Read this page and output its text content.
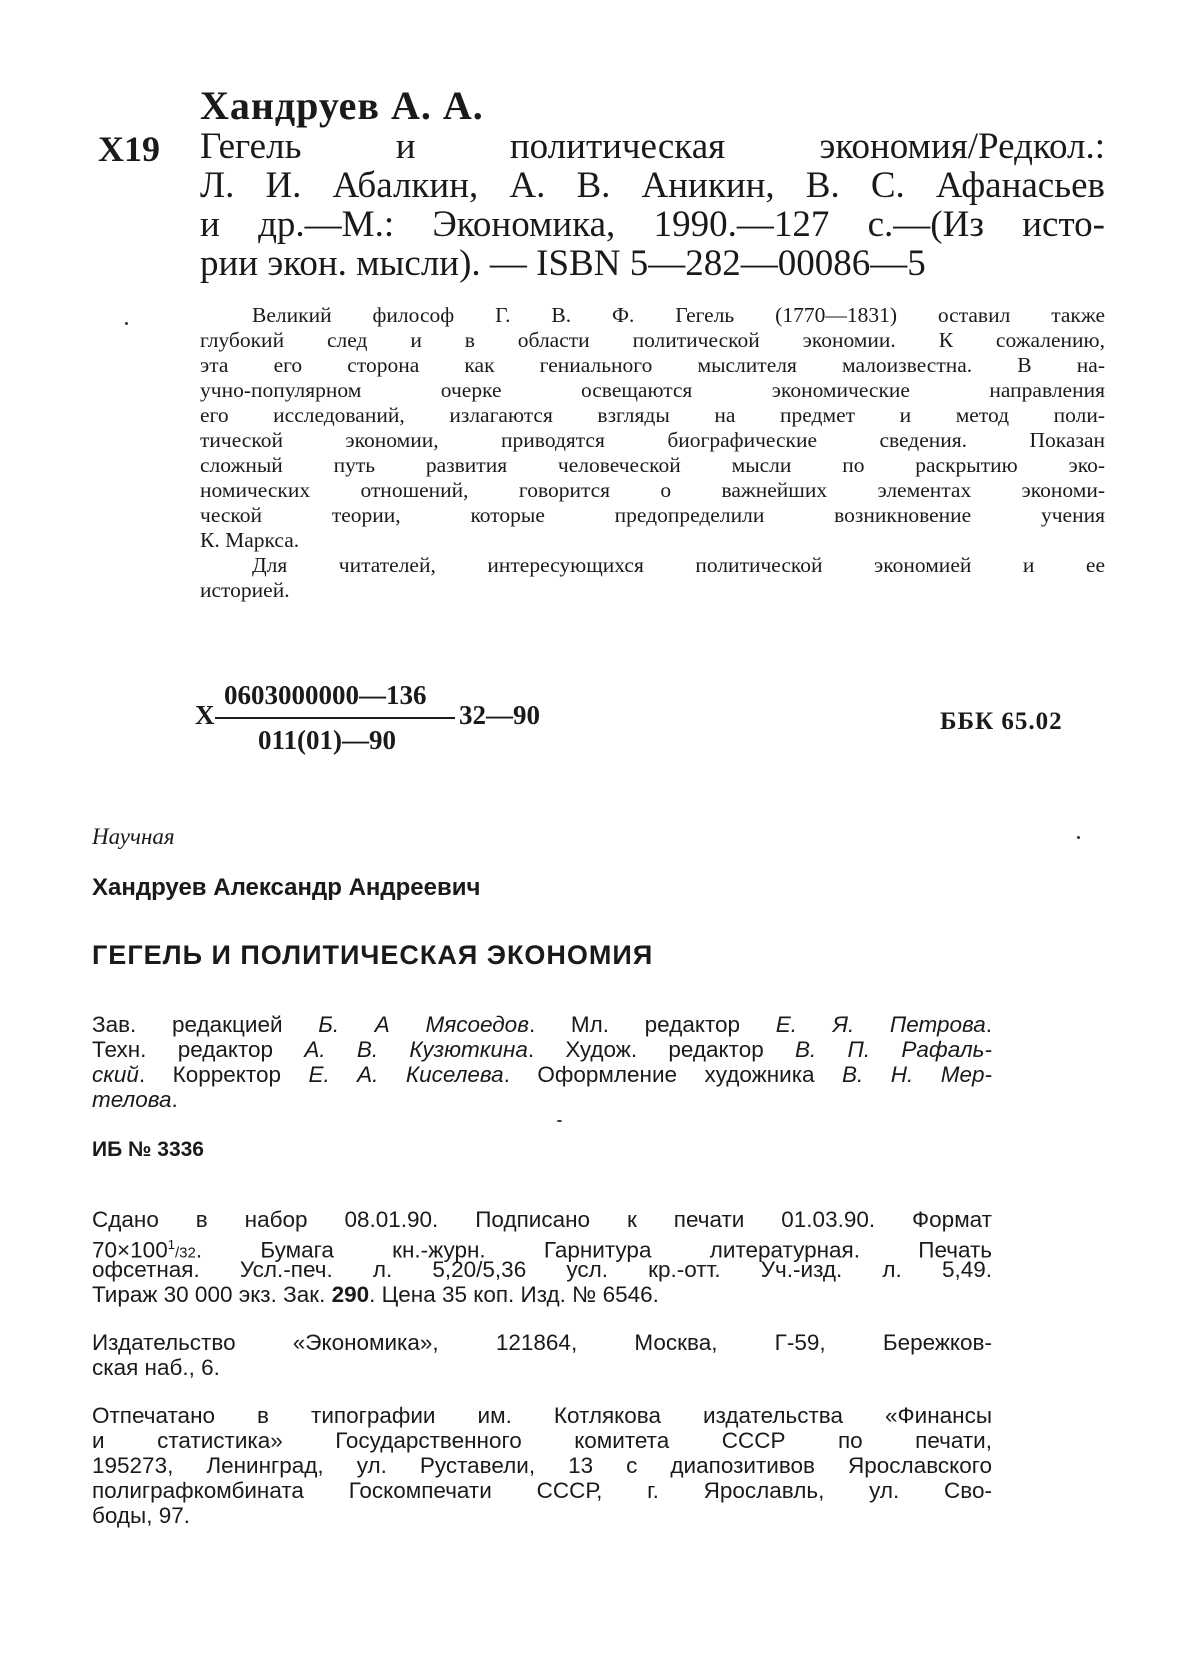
Хандруев А. А.
Х19 Гегель и политическая экономия/Редкол.:
Л. И. Абалкин, А. В. Аникин, В. С. Афанасьев
и др.—М.: Экономика, 1990.—127 с.—(Из исто-
рии экон. мысли). — ISBN 5—282—00086—5
Великий философ Г. В. Ф. Гегель (1770—1831) оставил также
глубокий след и в области политической экономии. К сожалению,
эта его сторона как гениального мыслителя малоизвестна. В на-
учно-популярном очерке освещаются экономические направления
его исследований, излагаются взгляды на предмет и метод поли-
тической экономии, приводятся биографические сведения. Показан
сложный путь развития человеческой мысли по раскрытию эко-
номических отношений, говорится о важнейших элементах экономи-
ческой теории, которые предопределили возникновение учения
К. Маркса.
Для читателей, интересующихся политической экономией и ее
историей.
Х
0603000000—136
011(01)—90
32—90	ББК 65.02
Научная
Хандруев Александр Андреевич
ГЕГЕЛЬ И ПОЛИТИЧЕСКАЯ ЭКОНОМИЯ
Зав. редакцией Б. А Мясоедов. Мл. редактор Е. Я. Петрова.
Техн. редактор А. В. Кузюткина. Худож. редактор В. П. Рафаль-
ский. Корректор Е. А. Киселева. Оформление художника В. Н. Мер-
телова.
ИБ № 3336
Сдано в набор 08.01.90. Подписано к печати 01.03.90. Формат
$70\times 100^1/32$. Бумага кн.-журн. Гарнитура литературная. Печать
офсетная. Усл.-печ. л. 5,20/5,36 усл. кр.-отт. Уч.-изд. л. 5,49.
Тираж 30 000 экз. Зак. 290. Цена 35 коп. Изд. № 6546.
Издательство «Экономика», 121864, Москва, Г-59, Бережков-
ская наб., 6.
Отпечатано в типографии им. Котлякова издательства «Финансы
и статистика» Государственного комитета СССР по печати,
195273, Ленинград, ул. Руставели, 13 с диапозитивов Ярославского
полиграфкомбината Госкомпечати СССР, г. Ярославль, ул. Сво-
боды, 97.
